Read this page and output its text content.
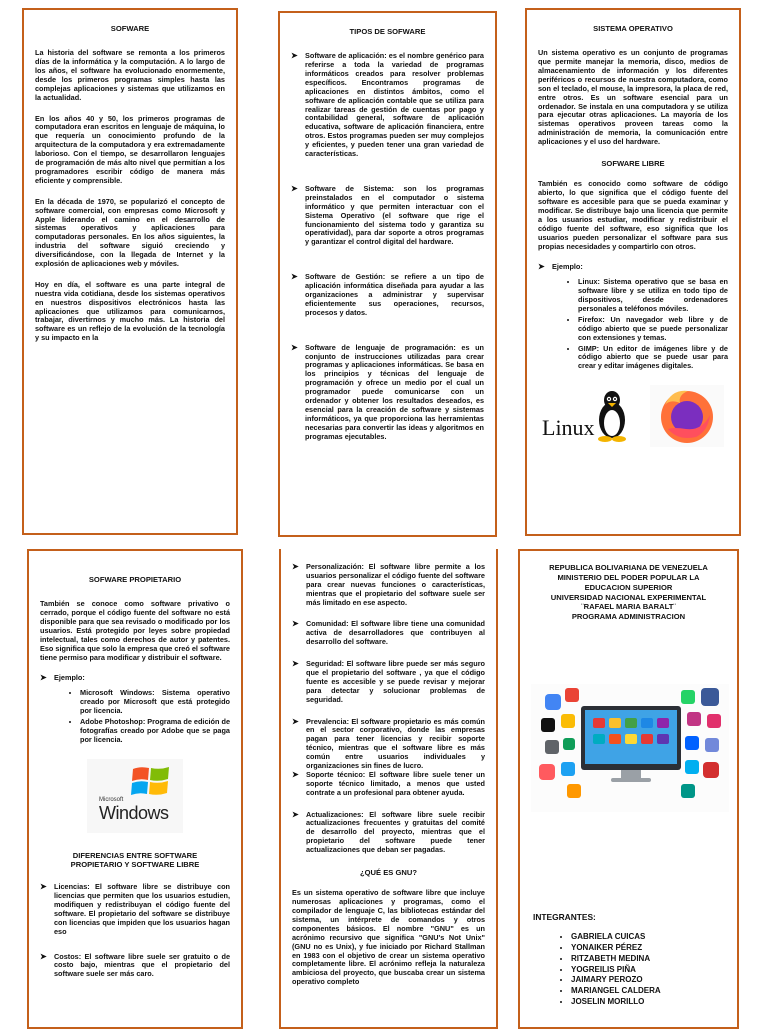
SOFWARE

La historia del software se remonta a los primeros días de la informática y la computación. A lo largo de los años, el software ha evolucionado enormemente, desde los primeros programas simples hasta las complejas aplicaciones y sistemas que utilizamos en la actualidad.

En los años 40 y 50, los primeros programas de computadora eran escritos en lenguaje de máquina, lo que requería un conocimiento profundo de la arquitectura de la computadora y era extremadamente laborioso. Con el tiempo, se desarrollaron lenguajes de programación de más alto nivel que permitían a los programadores escribir código de manera más eficiente y comprensible.

En la década de 1970, se popularizó el concepto de software comercial, con empresas como Microsoft y Apple liderando el camino en el desarrollo de sistemas operativos y aplicaciones para computadoras personales. En los años siguientes, la industria del software siguió creciendo y diversificándose, con la llegada de Internet y la explosión de aplicaciones web y móviles.

Hoy en día, el software es una parte integral de nuestra vida cotidiana, desde los sistemas operativos en nuestros dispositivos electrónicos hasta las aplicaciones que utilizamos para comunicarnos, trabajar, divertirnos y mucho más. La historia del software es un reflejo de la evolución de la tecnología y su impacto en la

TIPOS DE SOFWARE
➤ Software de aplicación: es el nombre genérico para referirse a toda la variedad de programas informáticos creados para resolver problemas específicos. Encontramos programas de aplicaciones en distintos ámbitos, como el software de aplicación contable que se utiliza para realizar tareas de gestión de cuentas por pago y contabilidad general, software de aplicación educativa, software de aplicación financiera, entre otros. Estos programas pueden ser muy complejos y eficientes, y pueden tener una gran variedad de características.
➤ Software de Sistema: son los programas preinstalados en el computador o sistema informático y que permiten interactuar con el Sistema Operativo (el software que rige el funcionamiento del sistema todo y garantiza su operatividad), para dar soporte a otros programas y garantizar el control digital del hardware.
➤ Software de Gestión: se refiere a un tipo de aplicación informática diseñada para ayudar a las organizaciones a administrar y supervisar eficientemente sus operaciones, recursos, procesos y datos.
➤ Software de lenguaje de programación: es un conjunto de instrucciones utilizadas para crear programas y aplicaciones informáticas. Se basa en los principios y técnicas del lenguaje de programación y ofrece un medio por el cual un programador puede comunicarse con un ordenador y obtener los resultados deseados, es esencial para la creación de software y sistemas informáticos, ya que proporciona las herramientas necesarias para convertir las ideas y algoritmos en programas ejecutables.
SISTEMA OPERATIVO

Un sistema operativo es un conjunto de programas que permite manejar la memoria, disco, medios de almacenamiento de información y los diferentes periféricos o recursos de nuestra computadora, como son el teclado, el mouse, la impresora, la placa de red, entre otros. Es un software esencial para un ordenador. Se instala en una computadora y se utiliza para ejecutar otras aplicaciones. La mayoría de los sistemas operativos proveen tareas como la administración de memoria, la comunicación entre aplicaciones y el uso del hardware.

SOFWARE LIBRE

También es conocido como software de código abierto, lo que significa que el código fuente del software es accesible para que se pueda examinar y modificar. Se distribuye bajo una licencia que permite a los usuarios estudiar, modificar y redistribuir el código fuente del software, eso significa que los usuarios pueden personalizar el software para sus propias necesidades y compartirlo con otros.

➤ Ejemplo:
• Linux: Sistema operativo que se basa en software libre y se utiliza en todo tipo de dispositivos, desde ordenadores personales a teléfonos móviles.
• Firefox: Un navegador web libre y de código abierto que se puede personalizar con extensiones y temas.
• GIMP: Un editor de imágenes libre y de código abierto que se puede usar para crear y editar imágenes digitales.
Linux
SOFWARE PROPIETARIO

También se conoce como software privativo o cerrado, porque el código fuente del software no está disponible para que sea revisado o modificado por los usuarios. Está protegido por leyes sobre propiedad intelectual, tales como derechos de autor y patentes. Eso significa que solo la empresa que creó el software tiene permiso para modificar y distribuir el software.

➤ Ejemplo:
• Microsoft Windows: Sistema operativo creado por Microsoft que está protegido por licencia.
• Adobe Photoshop: Programa de edición de fotografías creado por Adobe que se paga por licencia.
Microsoft
Windows
DIFERENCIAS ENTRE SOFTWARE PROPIETARIO Y SOFTWARE LIBRE
➤ Licencias: El software libre se distribuye con licencias que permiten que los usuarios estudien, modifiquen y redistribuyan el código fuente del software. El propietario del software se distribuye con licencias que impiden que los usuarios hagan eso
➤ Costos: El software libre suele ser gratuito o de costo bajo, mientras que el propietario del software suele ser más caro.
➤ Personalización: El software libre permite a los usuarios personalizar el código fuente del software para crear nuevas funciones o características, mientras que el propietario del software suele ser más limitado en ese aspecto.
➤ Comunidad: El software libre tiene una comunidad activa de desarrolladores que contribuyen al desarrollo del software.
➤ Seguridad: El software libre puede ser más seguro que el propietario del software , ya que el código fuente es accesible y se puede revisar y mejorar para detectar y solucionar problemas de seguridad.
➤ Prevalencia: El software propietario es más común en el sector corporativo, donde las empresas pagan para tener licencias y recibir soporte técnico, mientras que el software libre es más común entre usuarios individuales y organizaciones sin fines de lucro.
➤ Soporte técnico: El software libre suele tener un soporte técnico limitado, a menos que usted contrate a un profesional para obtener ayuda.
➤ Actualizaciones: El software libre suele recibir actualizaciones frecuentes y gratuitas del comité de desarrollo del proyecto, mientras que el propietario del software puede tener actualizaciones que deban ser pagadas.
¿QUÉ ES GNU?

Es un sistema operativo de software libre que incluye numerosas aplicaciones y programas, como el compilador de lenguaje C, las bibliotecas estándar del sistema, un intérprete de comandos y otros componentes básicos. El nombre "GNU" es un acrónimo recursivo que significa "GNU's Not Unix" (GNU no es Unix), y fue iniciado por Richard Stallman en 1983 con el objetivo de crear un sistema operativo completamente libre. El acrónimo refleja la naturaleza ambiciosa del proyecto, que buscaba crear un sistema operativo completo

REPUBLICA BOLIVARIANA DE VENEZUELA
MINISTERIO DEL PODER POPULAR LA
EDUCACION SUPERIOR
UNIVERSIDAD NACIONAL EXPERIMENTAL
¨RAFAEL MARIA BARALT¨
PROGRAMA ADMINISTRACION
INTEGRANTES:
• GABRIELA CUICAS
• YONAIKER PÉREZ
• RITZABETH MEDINA
• YOGREILIS PIÑA
• JAIMARY PEROZO
• MARIANGEL CALDERA
• JOSELIN MORILLO
